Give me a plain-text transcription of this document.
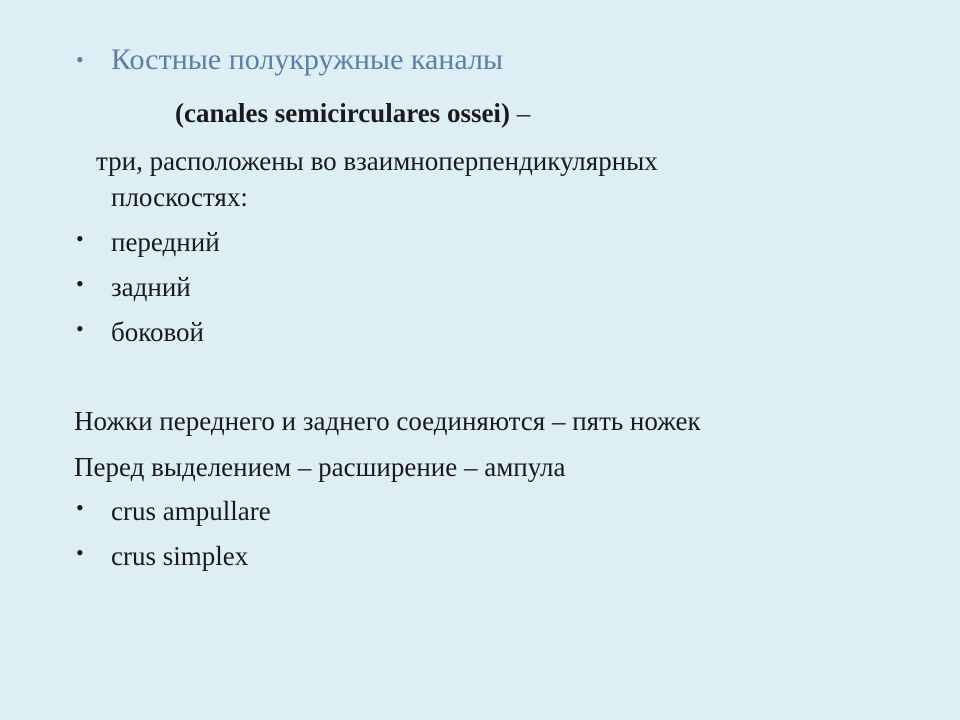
• Костные полукружные каналы
(canales semicirculares ossei) –
три, расположены во взаимноперпендикулярных
плоскостях:
• передний
• задний
• боковой
Ножки переднего и заднего соединяются – пять ножек
Перед выделением – расширение – ампула
• crus ampullare
• crus simplex
